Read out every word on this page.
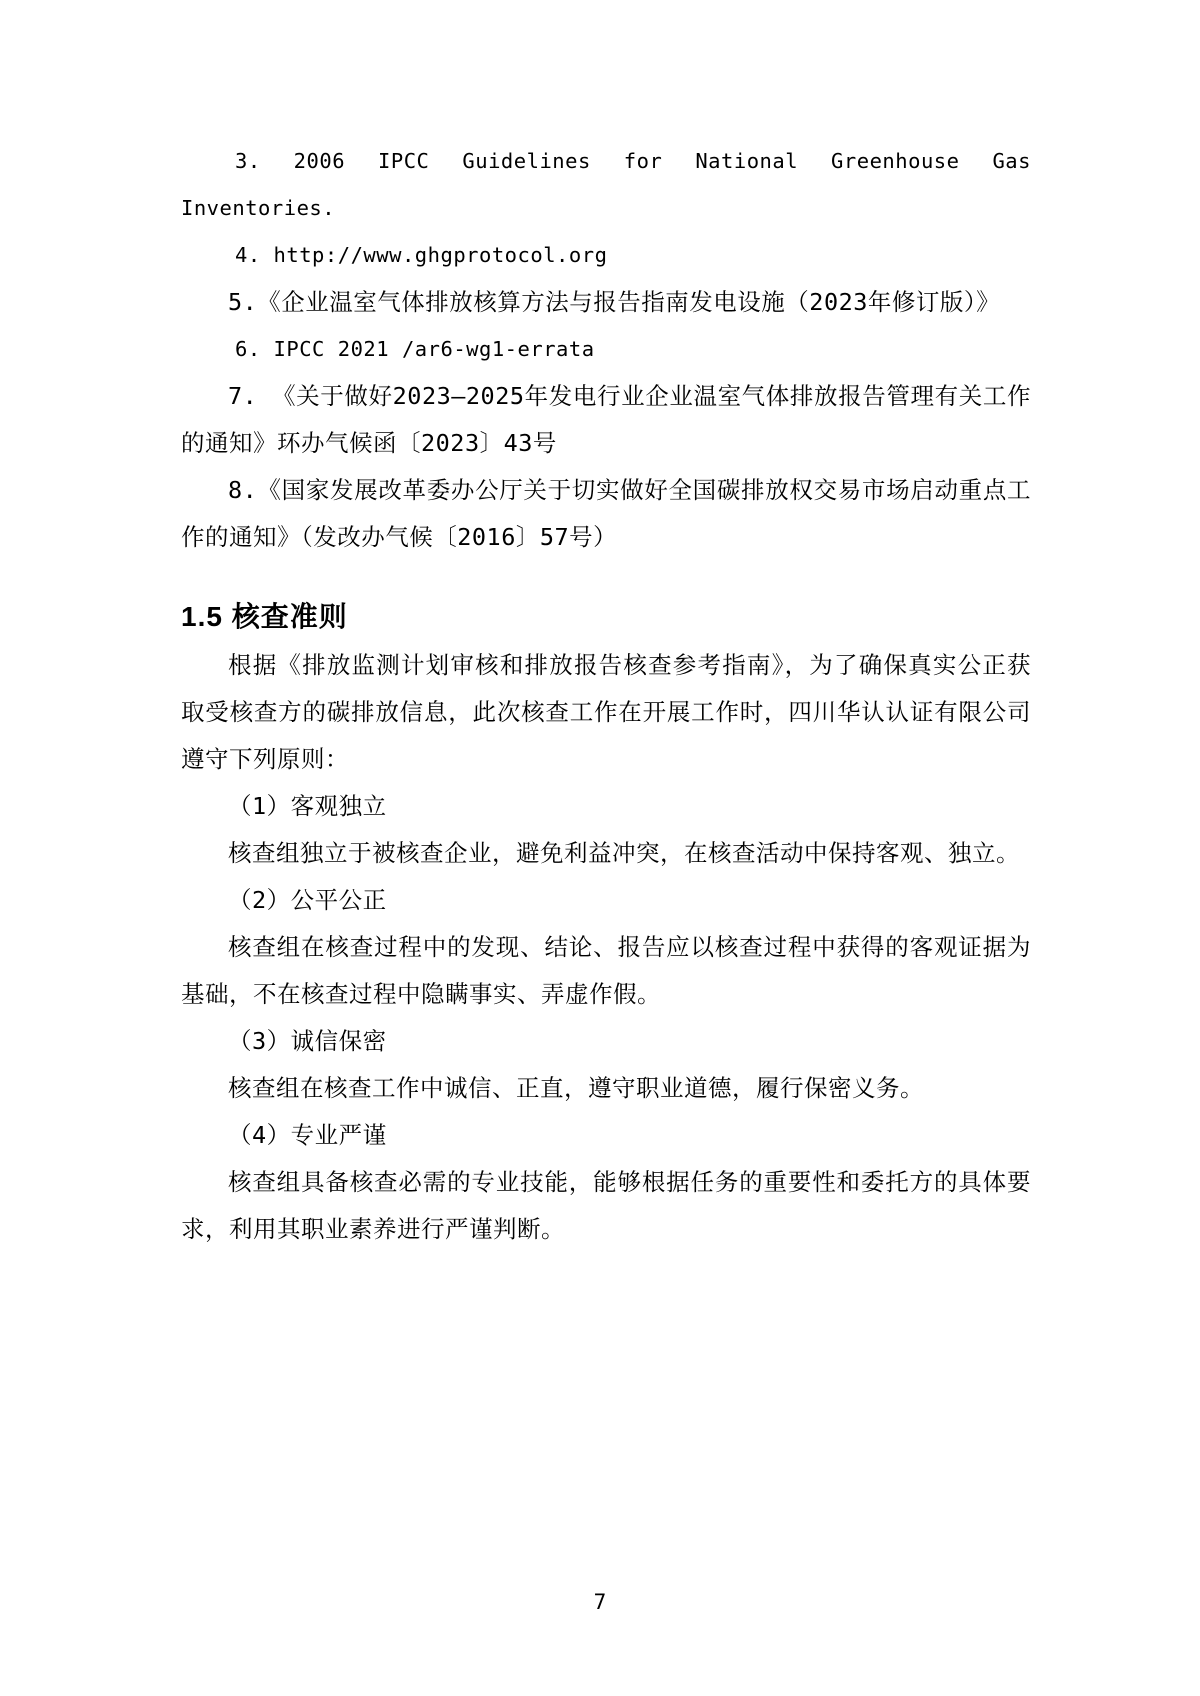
3. 2006 IPCC Guidelines for National Greenhouse Gas Inventories.

4. http://www.ghgprotocol.org

5.《企业温室气体排放核算方法与报告指南发电设施（2023年修订版）》

6. IPCC 2021 /ar6-wg1-errata

7. 《关于做好2023—2025年发电行业企业温室气体排放报告管理有关工作的通知》环办气候函〔2023〕43号

8.《国家发展改革委办公厅关于切实做好全国碳排放权交易市场启动重点工作的通知》（发改办气候〔2016〕57号）

1.5 核查准则

根据《排放监测计划审核和排放报告核查参考指南》，为了确保真实公正获取受核查方的碳排放信息，此次核查工作在开展工作时，四川华认认证有限公司遵守下列原则：

（1）客观独立

核查组独立于被核查企业，避免利益冲突，在核查活动中保持客观、独立。

（2）公平公正

核查组在核查过程中的发现、结论、报告应以核查过程中获得的客观证据为基础，不在核查过程中隐瞒事实、弄虚作假。

（3）诚信保密

核查组在核查工作中诚信、正直，遵守职业道德，履行保密义务。

（4）专业严谨

核查组具备核查必需的专业技能，能够根据任务的重要性和委托方的具体要求，利用其职业素养进行严谨判断。

7
